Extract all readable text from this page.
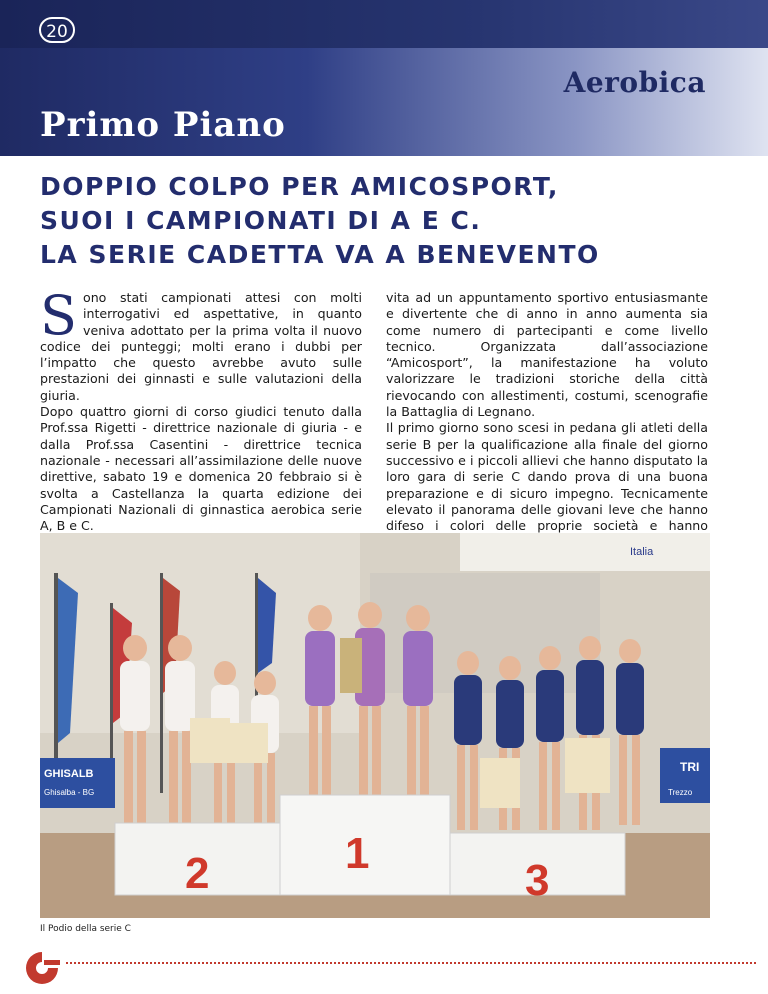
20
Aerobica
Primo Piano
DOPPIO COLPO PER AMICOSPORT,
SUOI I CAMPIONATI DI A E C.
LA SERIE CADETTA VA A BENEVENTO
S ono stati campionati attesi con molti interrogativi ed aspettative, in quanto veniva adottato per la prima volta il nuovo codice dei punteggi; molti erano i dubbi per l’impatto che questo avrebbe avuto sulle prestazioni dei ginnasti e sulle valutazioni della giuria.

Dopo quattro giorni di corso giudici tenuto dalla Prof.ssa Rigetti - direttrice nazionale di giuria - e dalla Prof.ssa Casentini - direttrice tecnica nazionale - necessari all’assimilazione delle nuove direttive, sabato 19 e domenica 20 febbraio si è svolta a Castellanza la quarta edizione dei Campionati Nazionali di ginnastica aerobica serie A, B e C.

vita ad un appuntamento sportivo entusiasmante e divertente che di anno in anno aumenta sia come numero di partecipanti e come livello tecnico. Organizzata dall’associazione “Amicosport”, la manifestazione ha voluto valorizzare le tradizioni storiche della città rievocando con allestimenti, costumi, scenografie la Battaglia di Legnano.

Il primo giorno sono scesi in pedana gli atleti della serie B per la qualificazione alla finale del giorno successivo e i piccoli allievi che hanno disputato la loro gara di serie C dando prova di una buona preparazione e di sicuro impegno. Tecnicamente elevato il panorama delle giovani leve che hanno difeso i colori delle proprie società e hanno

Italia
GHISALB
Ghisalba - BG
TRI
Trezzo
2	1
3
Il Podio della serie C
